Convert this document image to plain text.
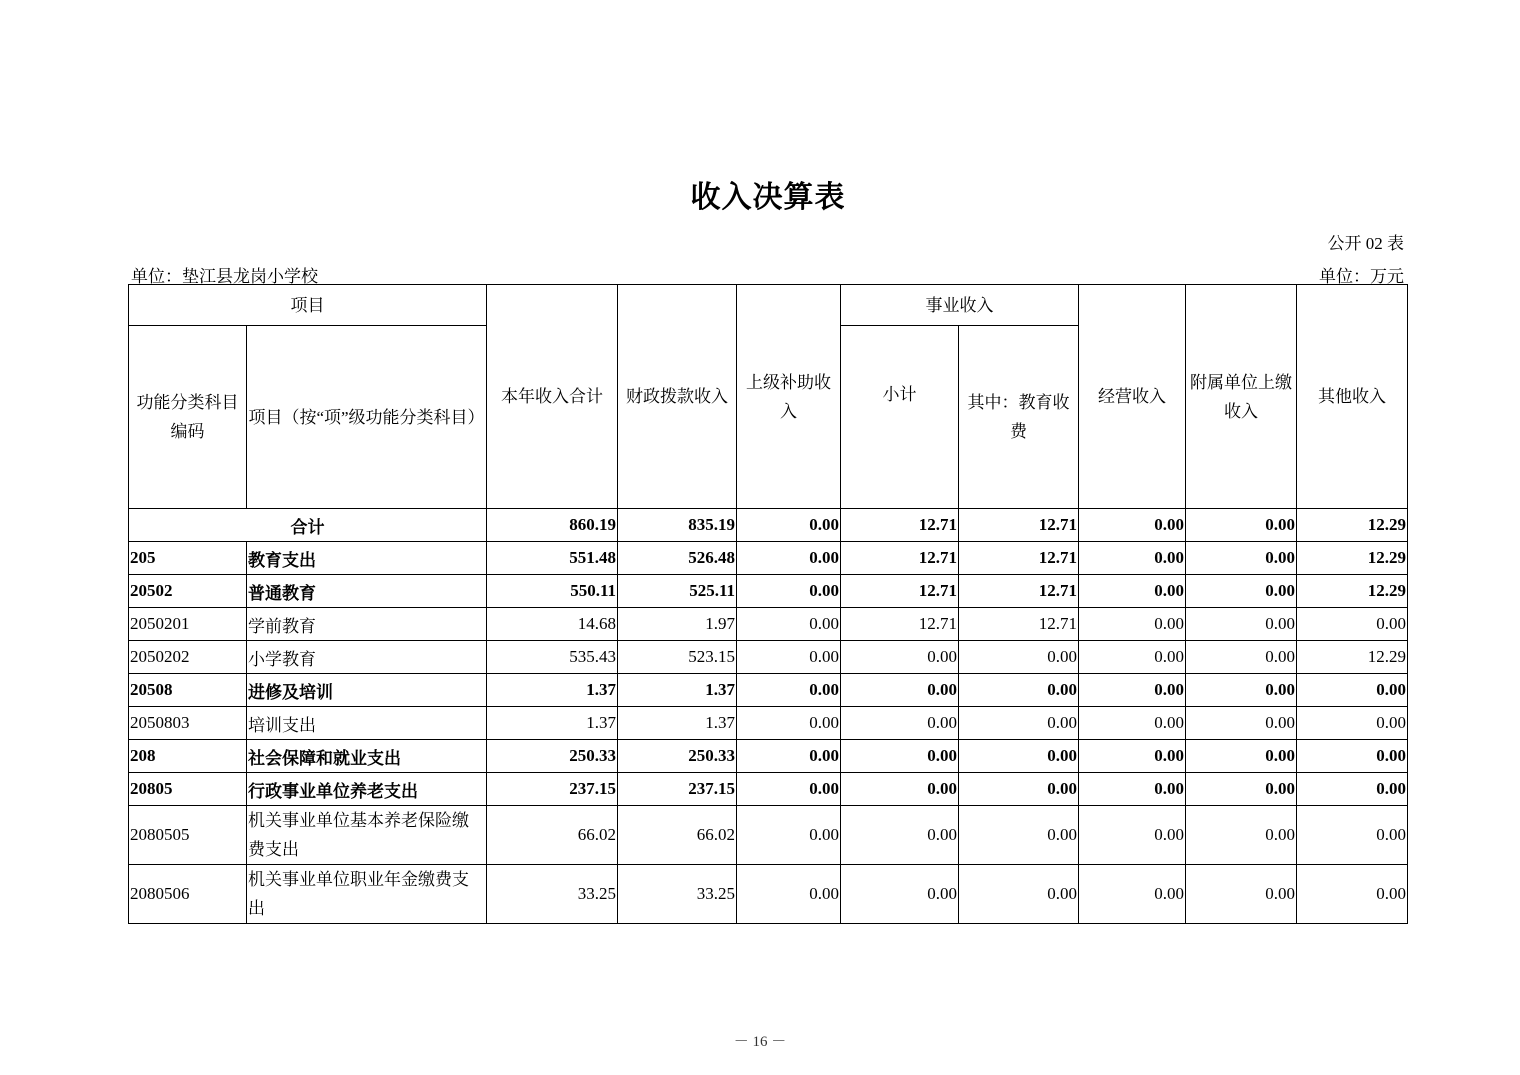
收入决算表
公开 02 表
单位：垫江县龙岗小学校	单位：万元
项目		本年收入合计	财政拨款收入	上级补助收入	事业收入		经营收入	附属单位上缴收入	其他收入
功能分类科目编码	项目（按“项”级功能分类科目）				小计	其中：教育收费			
合计		860.19	835.19	0.00	12.71	12.71	0.00	0.00	12.29
205	教育支出	551.48	526.48	0.00	12.71	12.71	0.00	0.00	12.29
20502	普通教育	550.11	525.11	0.00	12.71	12.71	0.00	0.00	12.29
2050201	学前教育	14.68	1.97	0.00	12.71	12.71	0.00	0.00	0.00
2050202	小学教育	535.43	523.15	0.00	0.00	0.00	0.00	0.00	12.29
20508	进修及培训	1.37	1.37	0.00	0.00	0.00	0.00	0.00	0.00
2050803	培训支出	1.37	1.37	0.00	0.00	0.00	0.00	0.00	0.00
208	社会保障和就业支出	250.33	250.33	0.00	0.00	0.00	0.00	0.00	0.00
20805	行政事业单位养老支出	237.15	237.15	0.00	0.00	0.00	0.00	0.00	0.00
2080505	机关事业单位基本养老保险缴费支出	66.02	66.02	0.00	0.00	0.00	0.00	0.00	0.00
2080506	机关事业单位职业年金缴费支出	33.25	33.25	0.00	0.00	0.00	0.00	0.00	0.00
－ 16 －
